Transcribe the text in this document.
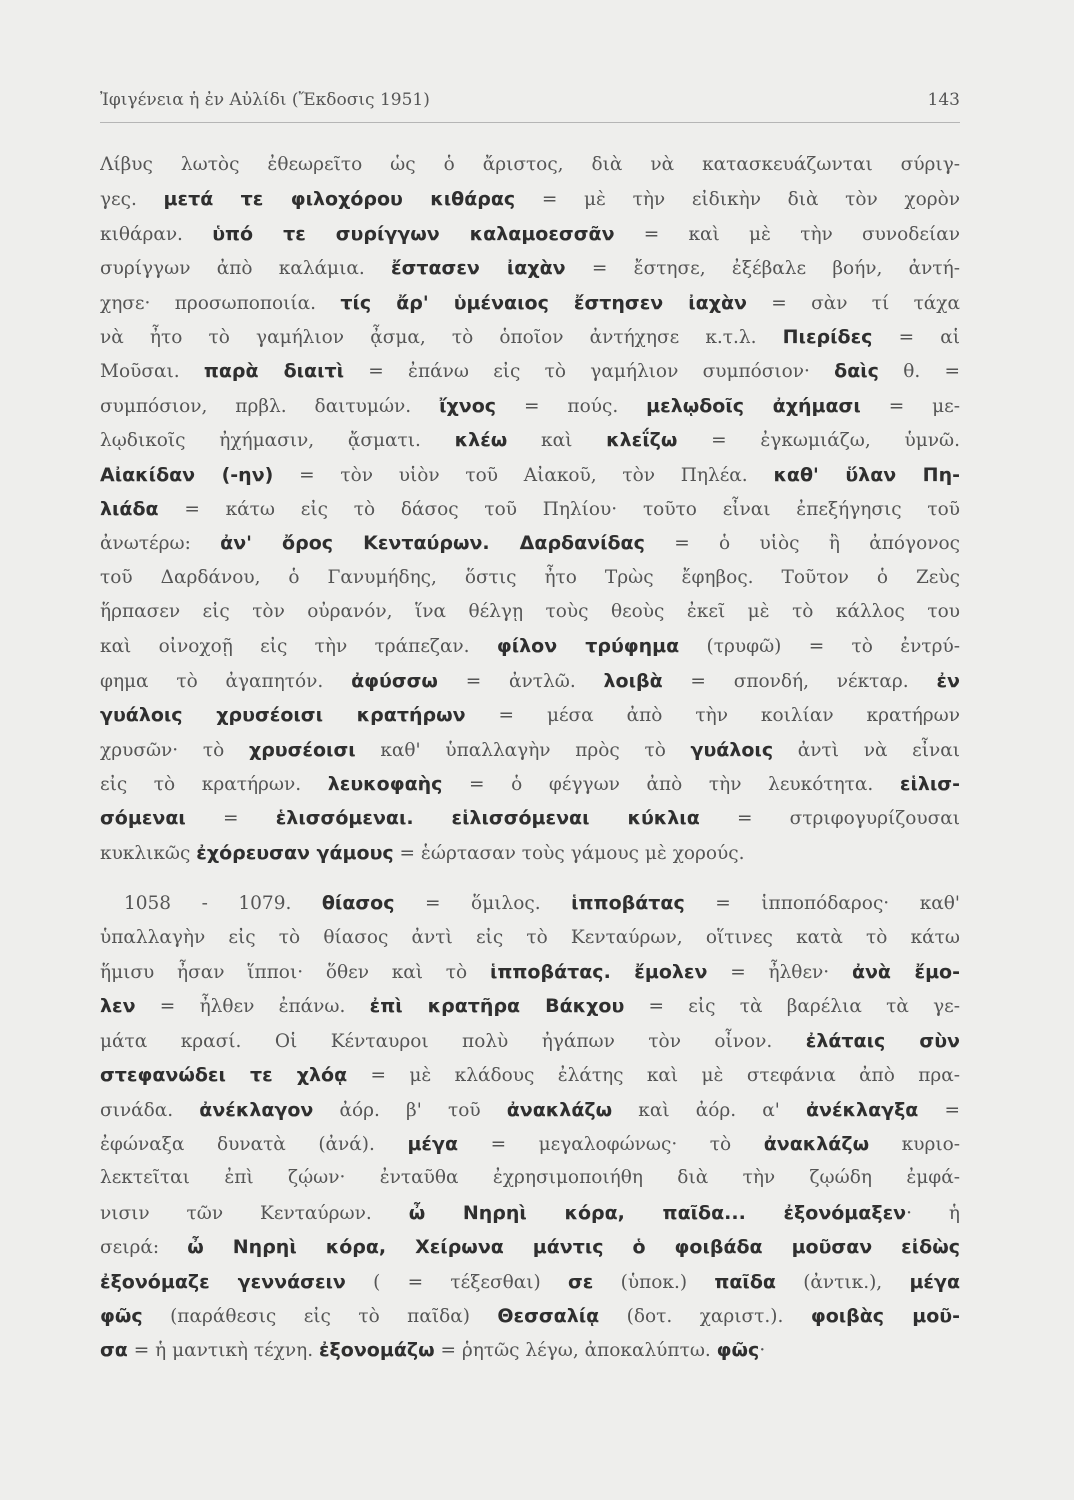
Ἰφιγένεια ἡ ἐν Αὐλίδι (Ἔκδοσις 1951)	143
Λίβυς λωτὸς ἐθεωρεῖτο ὡς ὁ ἄριστος, διὰ νὰ κατασκευάζωνται σύριγ-
γες. μετά τε φιλοχόρου κιθάρας = μὲ τὴν εἰδικὴν διὰ τὸν χορὸν
κιθάραν. ὑπό τε συρίγγων καλαμοεσσᾶν = καὶ μὲ τὴν συνοδείαν
συρίγγων ἀπὸ καλάμια. ἔστασεν ἰαχὰν = ἔστησε, ἐξέβαλε βοήν, ἀντή-
χησε· προσωποποιία. τίς ἄρ' ὑμέναιος ἔστησεν ἰαχὰν = σὰν τί τάχα
νὰ ἦτο τὸ γαμήλιον ᾆσμα, τὸ ὁποῖον ἀντήχησε κ.τ.λ. Πιερίδες = αἱ
Μοῦσαι. παρὰ διαιτὶ = ἐπάνω εἰς τὸ γαμήλιον συμπόσιον· δαὶς θ. =
συμπόσιον, πρβλ. δαιτυμών. ἴχνος = πούς. μελῳδοῖς ἀχήμασι = με-
λῳδικοῖς ἠχήμασιν, ᾄσματι. κλέω καὶ κλεΐζω = ἐγκωμιάζω, ὑμνῶ.
Αἰακίδαν (-ην) = τὸν υἱὸν τοῦ Αἰακοῦ, τὸν Πηλέα. καθ' ὕλαν Πη-
λιάδα = κάτω εἰς τὸ δάσος τοῦ Πηλίου· τοῦτο εἶναι ἐπεξήγησις τοῦ
ἀνωτέρω: ἀν' ὄρος Κενταύρων. Δαρδανίδας = ὁ υἱὸς ἢ ἀπόγονος
τοῦ Δαρδάνου, ὁ Γανυμήδης, ὅστις ἦτο Τρὼς ἔφηβος. Τοῦτον ὁ Ζεὺς
ἥρπασεν εἰς τὸν οὐρανόν, ἵνα θέλγῃ τοὺς θεοὺς ἐκεῖ μὲ τὸ κάλλος του
καὶ οἰνοχοῇ εἰς τὴν τράπεζαν. φίλον τρύφημα (τρυφῶ) = τὸ ἐντρύ-
φημα τὸ ἀγαπητόν. ἀφύσσω = ἀντλῶ. λοιβὰ = σπονδή, νέκταρ. ἐν
γυάλοις χρυσέοισι κρατήρων = μέσα ἀπὸ τὴν κοιλίαν κρατήρων
χρυσῶν· τὸ χρυσέοισι καθ' ὑπαλλαγὴν πρὸς τὸ γυάλοις ἀντὶ νὰ εἶναι
εἰς τὸ κρατήρων. λευκοφαὴς = ὁ φέγγων ἀπὸ τὴν λευκότητα. εἱλισ-
σόμεναι = ἑλισσόμεναι. εἱλισσόμεναι κύκλια = στριφογυρίζουσαι
κυκλικῶς ἐχόρευσαν γάμους = ἑώρτασαν τοὺς γάμους μὲ χορούς.
1058 - 1079. θίασος = ὅμιλος. ἱπποβάτας = ἱπποπόδαρος· καθ'
ὑπαλλαγὴν εἰς τὸ θίασος ἀντὶ εἰς τὸ Κενταύρων, οἵτινες κατὰ τὸ κάτω
ἥμισυ ἦσαν ἵπποι· ὅθεν καὶ τὸ ἱπποβάτας. ἔμολεν = ἦλθεν· ἀνὰ ἔμο-
λεν = ἦλθεν ἐπάνω. ἐπὶ κρατῆρα Βάκχου = εἰς τὰ βαρέλια τὰ γε-
μάτα κρασί. Οἱ Κένταυροι πολὺ ἠγάπων τὸν οἶνον. ἐλάταις σὺν
στεφανώδει τε χλόᾳ = μὲ κλάδους ἐλάτης καὶ μὲ στεφάνια ἀπὸ πρα-
σινάδα. ἀνέκλαγον ἀόρ. β' τοῦ ἀνακλάζω καὶ ἀόρ. α' ἀνέκλαγξα =
ἐφώναξα δυνατὰ (ἀνά). μέγα = μεγαλοφώνως· τὸ ἀνακλάζω κυριο-
λεκτεῖται ἐπὶ ζῴων· ἐνταῦθα ἐχρησιμοποιήθη διὰ τὴν ζῳώδη ἐμφά-
νισιν τῶν Κενταύρων. ὦ Νηρηὶ κόρα, παῖδα... ἐξονόμαξεν· ἡ
σειρά: ὦ Νηρηὶ κόρα, Χείρωνα μάντις ὁ φοιβάδα μοῦσαν εἰδὼς
ἐξονόμαζε γεννάσειν ( = τέξεσθαι) σε (ὑποκ.) παῖδα (ἀντικ.), μέγα
φῶς (παράθεσις εἰς τὸ παῖδα) Θεσσαλίᾳ (δοτ. χαριστ.). φοιβὰς μοῦ-
σα = ἡ μαντικὴ τέχνη. ἐξονομάζω = ῥητῶς λέγω, ἀποκαλύπτω. φῶς·
